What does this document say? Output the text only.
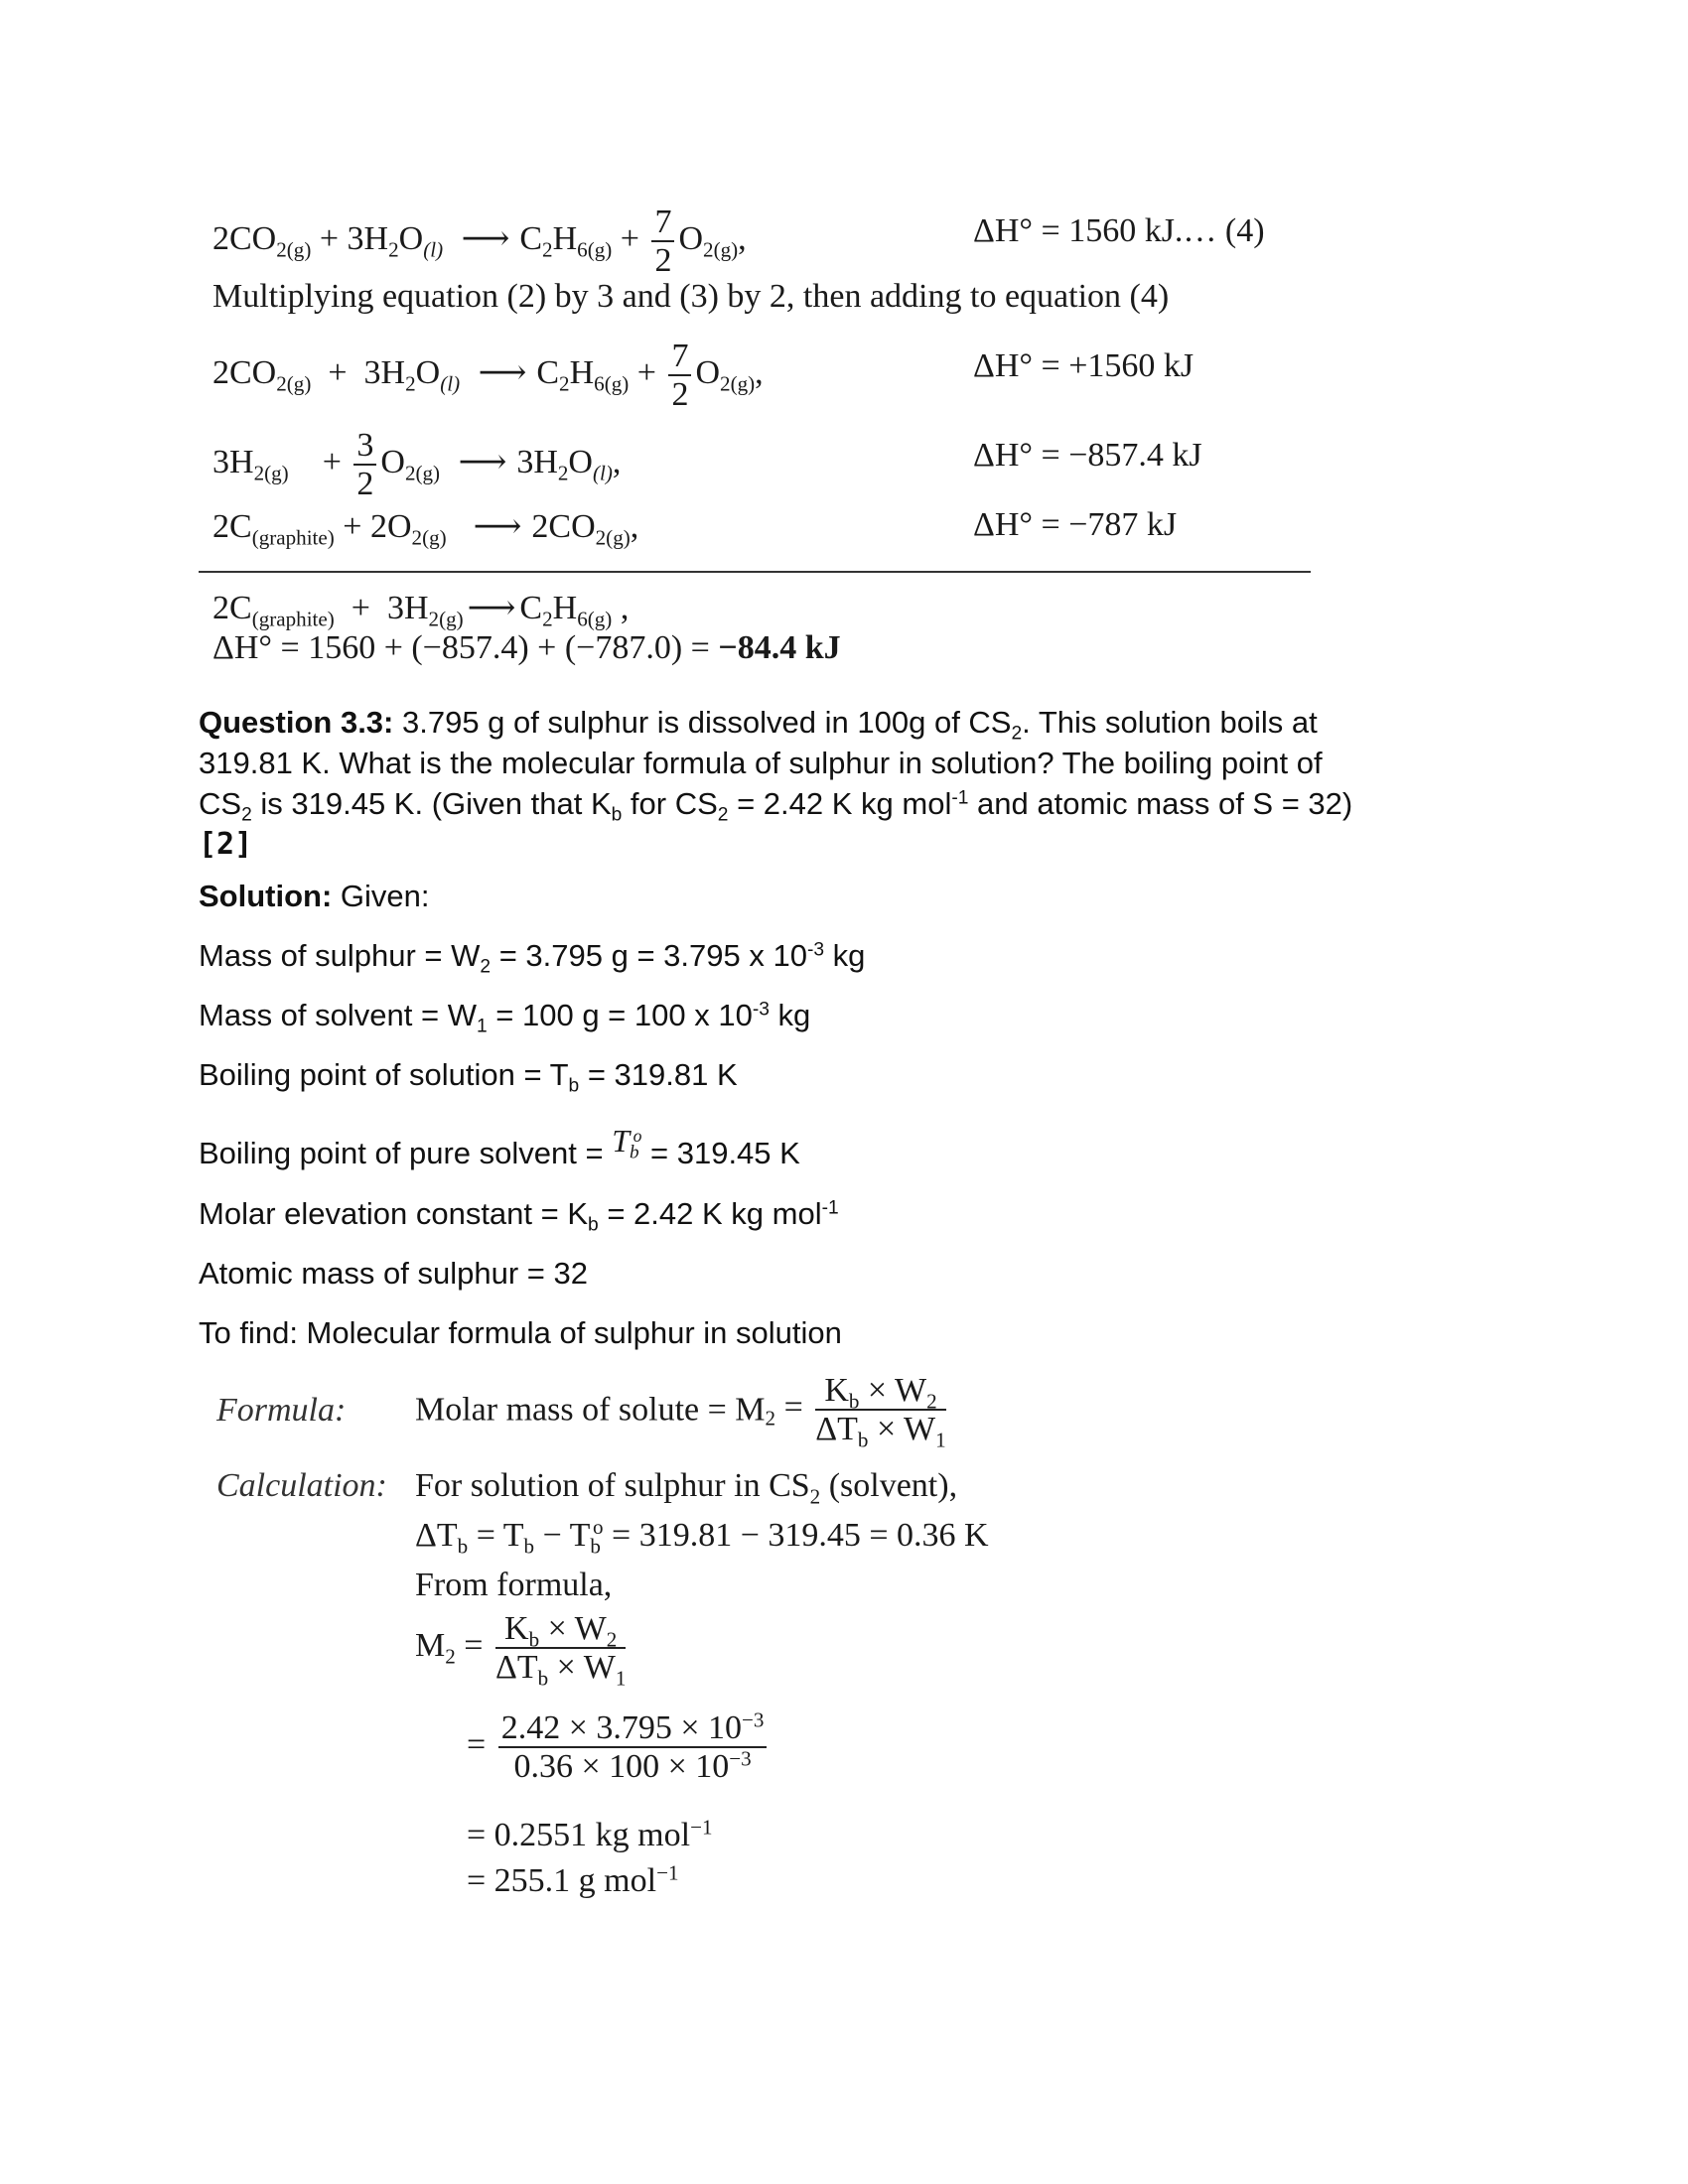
$2CO_{2(g)} + 3H_2O_{(l)}$ ⟶ $C_2H_{6(g)} + \frac{7}{2} O_{2(g)}$,	ΔH° = 1560 kJ.… (4)
Multiplying equation (2) by 3 and (3) by 2, then adding to equation (4)
$2CO_{2(g)} + 3H_2O_{(l)}$ ⟶ $C_2H_{6(g)} + \frac{7}{2} O_{2(g)}$,	ΔH° = +1560 kJ
$3H_{2(g)}$    + $\frac{3}{2} O_{2(g)}$ ⟶ $3H_2O_{(l)}$,	ΔH° = −857.4 kJ
$2C_{(graphite)} + 2O_{2(g)}$  ⟶ $2CO_{2(g)}$,	ΔH° = −787 kJ
$2C_{(graphite)} + 3H_{2(g)}$ ⟶ $C_2H_{6(g)}$ ,
ΔH° = 1560 + (−857.4) + (−787.0) = −84.4 kJ
Question 3.3: 3.795 g of sulphur is dissolved in 100g of $CS_2$. This solution boils at
319.81 K. What is the molecular formula of sulphur in solution? The boiling point of
$CS_2$ is 319.45 K. (Given that $K_b$ for $CS_2 = 2.42$ K kg mol$^{-1}$ and atomic mass of S = 32)
[2]
Solution: Given:
Mass of sulphur = $W_2 = 3.795$ g = 3.795 x $10^{-3}$ kg
Mass of solvent = $W_1 = 100$ g = 100 x $10^{-3}$ kg
Boiling point of solution = $T_b = 319.81$ K
Boiling point of pure solvent = $T_b^o = 319.45$ K
Molar elevation constant = $K_b = 2.42$ K kg mol$^{-1}$
Atomic mass of sulphur = 32
To find: Molecular formula of sulphur in solution
Formula: Molar mass of solute = $M_2 = \frac{K_b \times W_2}{\Delta T_b \times W_1}$
Calculation: For solution of sulphur in $CS_2$ (solvent),
$\Delta T_b = T_b - T_b^o = 319.81 - 319.45 = 0.36$ K
From formula,
$M_2 = \frac{K_b \times W_2}{\Delta T_b \times W_1}$
= $\frac{2.42 \times 3.795 \times 10^{-3}}{0.36 \times 100 \times 10^{-3}}$
= 0.2551 kg mol$^{-1}$
= 255.1 g mol$^{-1}$
